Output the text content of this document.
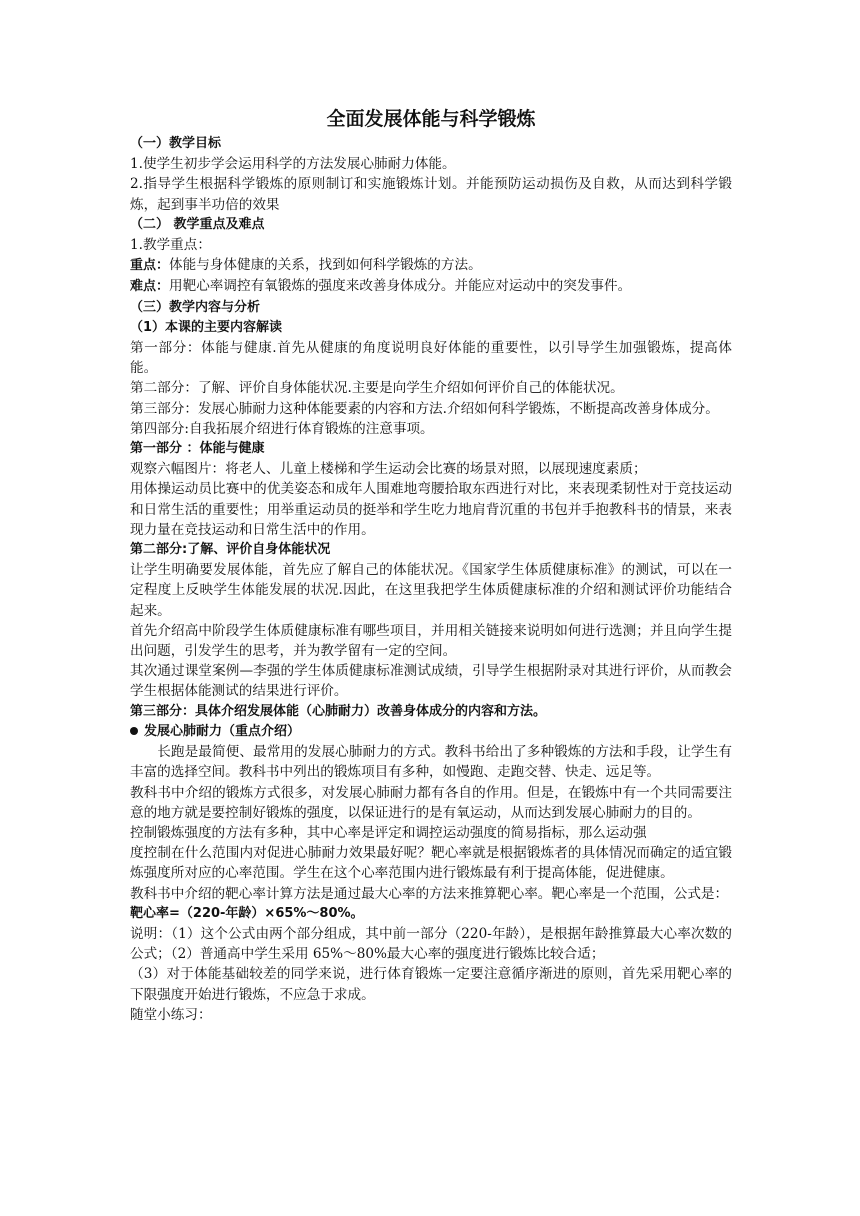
全面发展体能与科学锻炼

（一）教学目标

1.使学生初步学会运用科学的方法发展心肺耐力体能。

2.指导学生根据科学锻炼的原则制订和实施锻炼计划。并能预防运动损伤及自救，从而达到科学锻炼，起到事半功倍的效果

（二） 教学重点及难点

1.教学重点：

重点：体能与身体健康的关系，找到如何科学锻炼的方法。

难点：用靶心率调控有氧锻炼的强度来改善身体成分。并能应对运动中的突发事件。

（三）教学内容与分析

（1）本课的主要内容解读

第一部分：体能与健康.首先从健康的角度说明良好体能的重要性，以引导学生加强锻炼，提高体能。

第二部分：了解、评价自身体能状况.主要是向学生介绍如何评价自己的体能状况。

第三部分：发展心肺耐力这种体能要素的内容和方法.介绍如何科学锻炼，不断提高改善身体成分。

第四部分:自我拓展介绍进行体育锻炼的注意事项。

第一部分 ：体能与健康

观察六幅图片：将老人、儿童上楼梯和学生运动会比赛的场景对照，以展现速度素质；

用体操运动员比赛中的优美姿态和成年人围难地弯腰拾取东西进行对比，来表现柔韧性对于竞技运动和日常生活的重要性；用举重运动员的挺举和学生吃力地肩背沉重的书包并手抱教科书的情景，来表现力量在竞技运动和日常生活中的作用。

第二部分:了解、评价自身体能状况

让学生明确要发展体能，首先应了解自己的体能状况。《国家学生体质健康标准》的测试，可以在一定程度上反映学生体能发展的状况.因此，在这里我把学生体质健康标准的介绍和测试评价功能结合起来。

首先介绍高中阶段学生体质健康标准有哪些项目，并用相关链接来说明如何进行选测；并且向学生提出问题，引发学生的思考，并为教学留有一定的空间。

其次通过课堂案例—李强的学生体质健康标准测试成绩，引导学生根据附录对其进行评价，从而教会学生根据体能测试的结果进行评价。

第三部分：具体介绍发展体能（心肺耐力）改善身体成分的内容和方法。

发展心肺耐力（重点介绍）

长跑是最简便、最常用的发展心肺耐力的方式。教科书给出了多种锻炼的方法和手段，让学生有丰富的选择空间。教科书中列出的锻炼项目有多种，如慢跑、走跑交替、快走、远足等。

教科书中介绍的锻炼方式很多，对发展心肺耐力都有各自的作用。但是，在锻炼中有一个共同需要注意的地方就是要控制好锻炼的强度，以保证进行的是有氧运动，从而达到发展心肺耐力的目的。

控制锻炼强度的方法有多种，其中心率是评定和调控运动强度的简易指标，那么运动强

度控制在什么范围内对促进心肺耐力效果最好呢？靶心率就是根据锻炼者的具体情况而确定的适宜锻炼强度所对应的心率范围。学生在这个心率范围内进行锻炼最有利于提高体能，促进健康。

教科书中介绍的靶心率计算方法是通过最大心率的方法来推算靶心率。靶心率是一个范围，公式是：

靶心率=（220-年龄）×65%～80%。

说明：（1）这个公式由两个部分组成，其中前一部分（220-年龄），是根据年龄推算最大心率次数的公式；（2）普通高中学生采用 65%～80%最大心率的强度进行锻炼比较合适；

（3）对于体能基础较差的同学来说，进行体育锻炼一定要注意循序渐进的原则，首先采用靶心率的下限强度开始进行锻炼，不应急于求成。

随堂小练习：
